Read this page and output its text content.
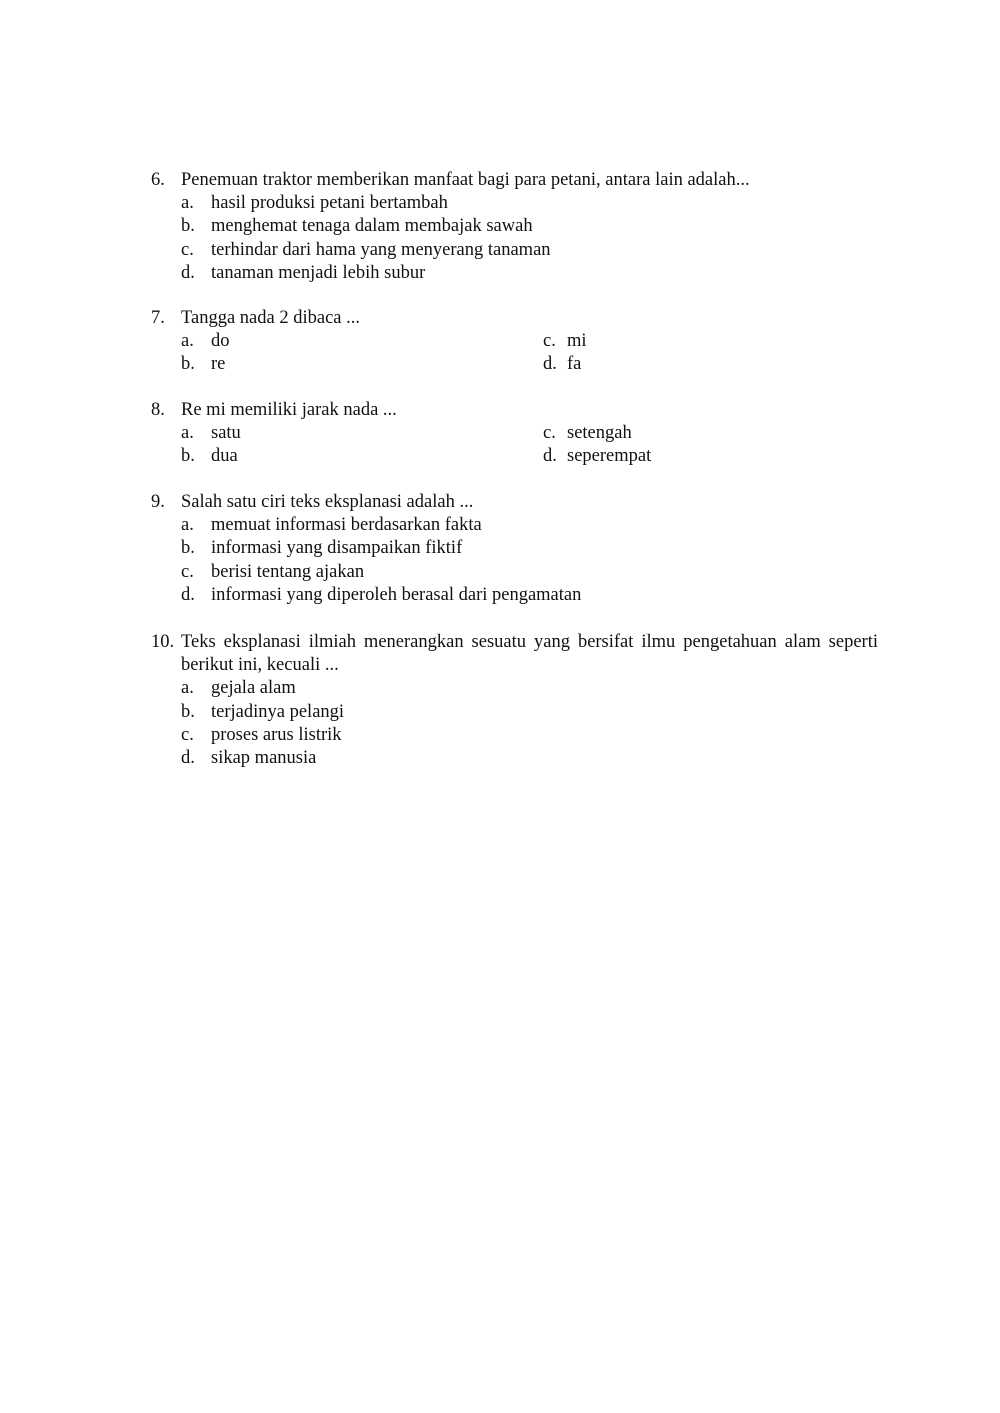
6. Penemuan traktor memberikan manfaat bagi para petani, antara lain adalah...
a. hasil produksi petani bertambah
b. menghemat tenaga dalam membajak sawah
c. terhindar dari hama yang menyerang tanaman
d. tanaman menjadi lebih subur
7. Tangga nada 2 dibaca ...
a. do	c. mi
b. re	d. fa
8. Re mi memiliki jarak nada ...
a. satu	c. setengah
b. dua	d. seperempat
9. Salah satu ciri teks eksplanasi adalah ...
a. memuat informasi berdasarkan fakta
b. informasi yang disampaikan fiktif
c. berisi tentang ajakan
d. informasi yang diperoleh berasal dari pengamatan
10. Teks eksplanasi ilmiah menerangkan sesuatu yang bersifat ilmu pengetahuan alam seperti berikut ini, kecuali ...
a. gejala alam
b. terjadinya pelangi
c. proses arus listrik
d. sikap manusia
